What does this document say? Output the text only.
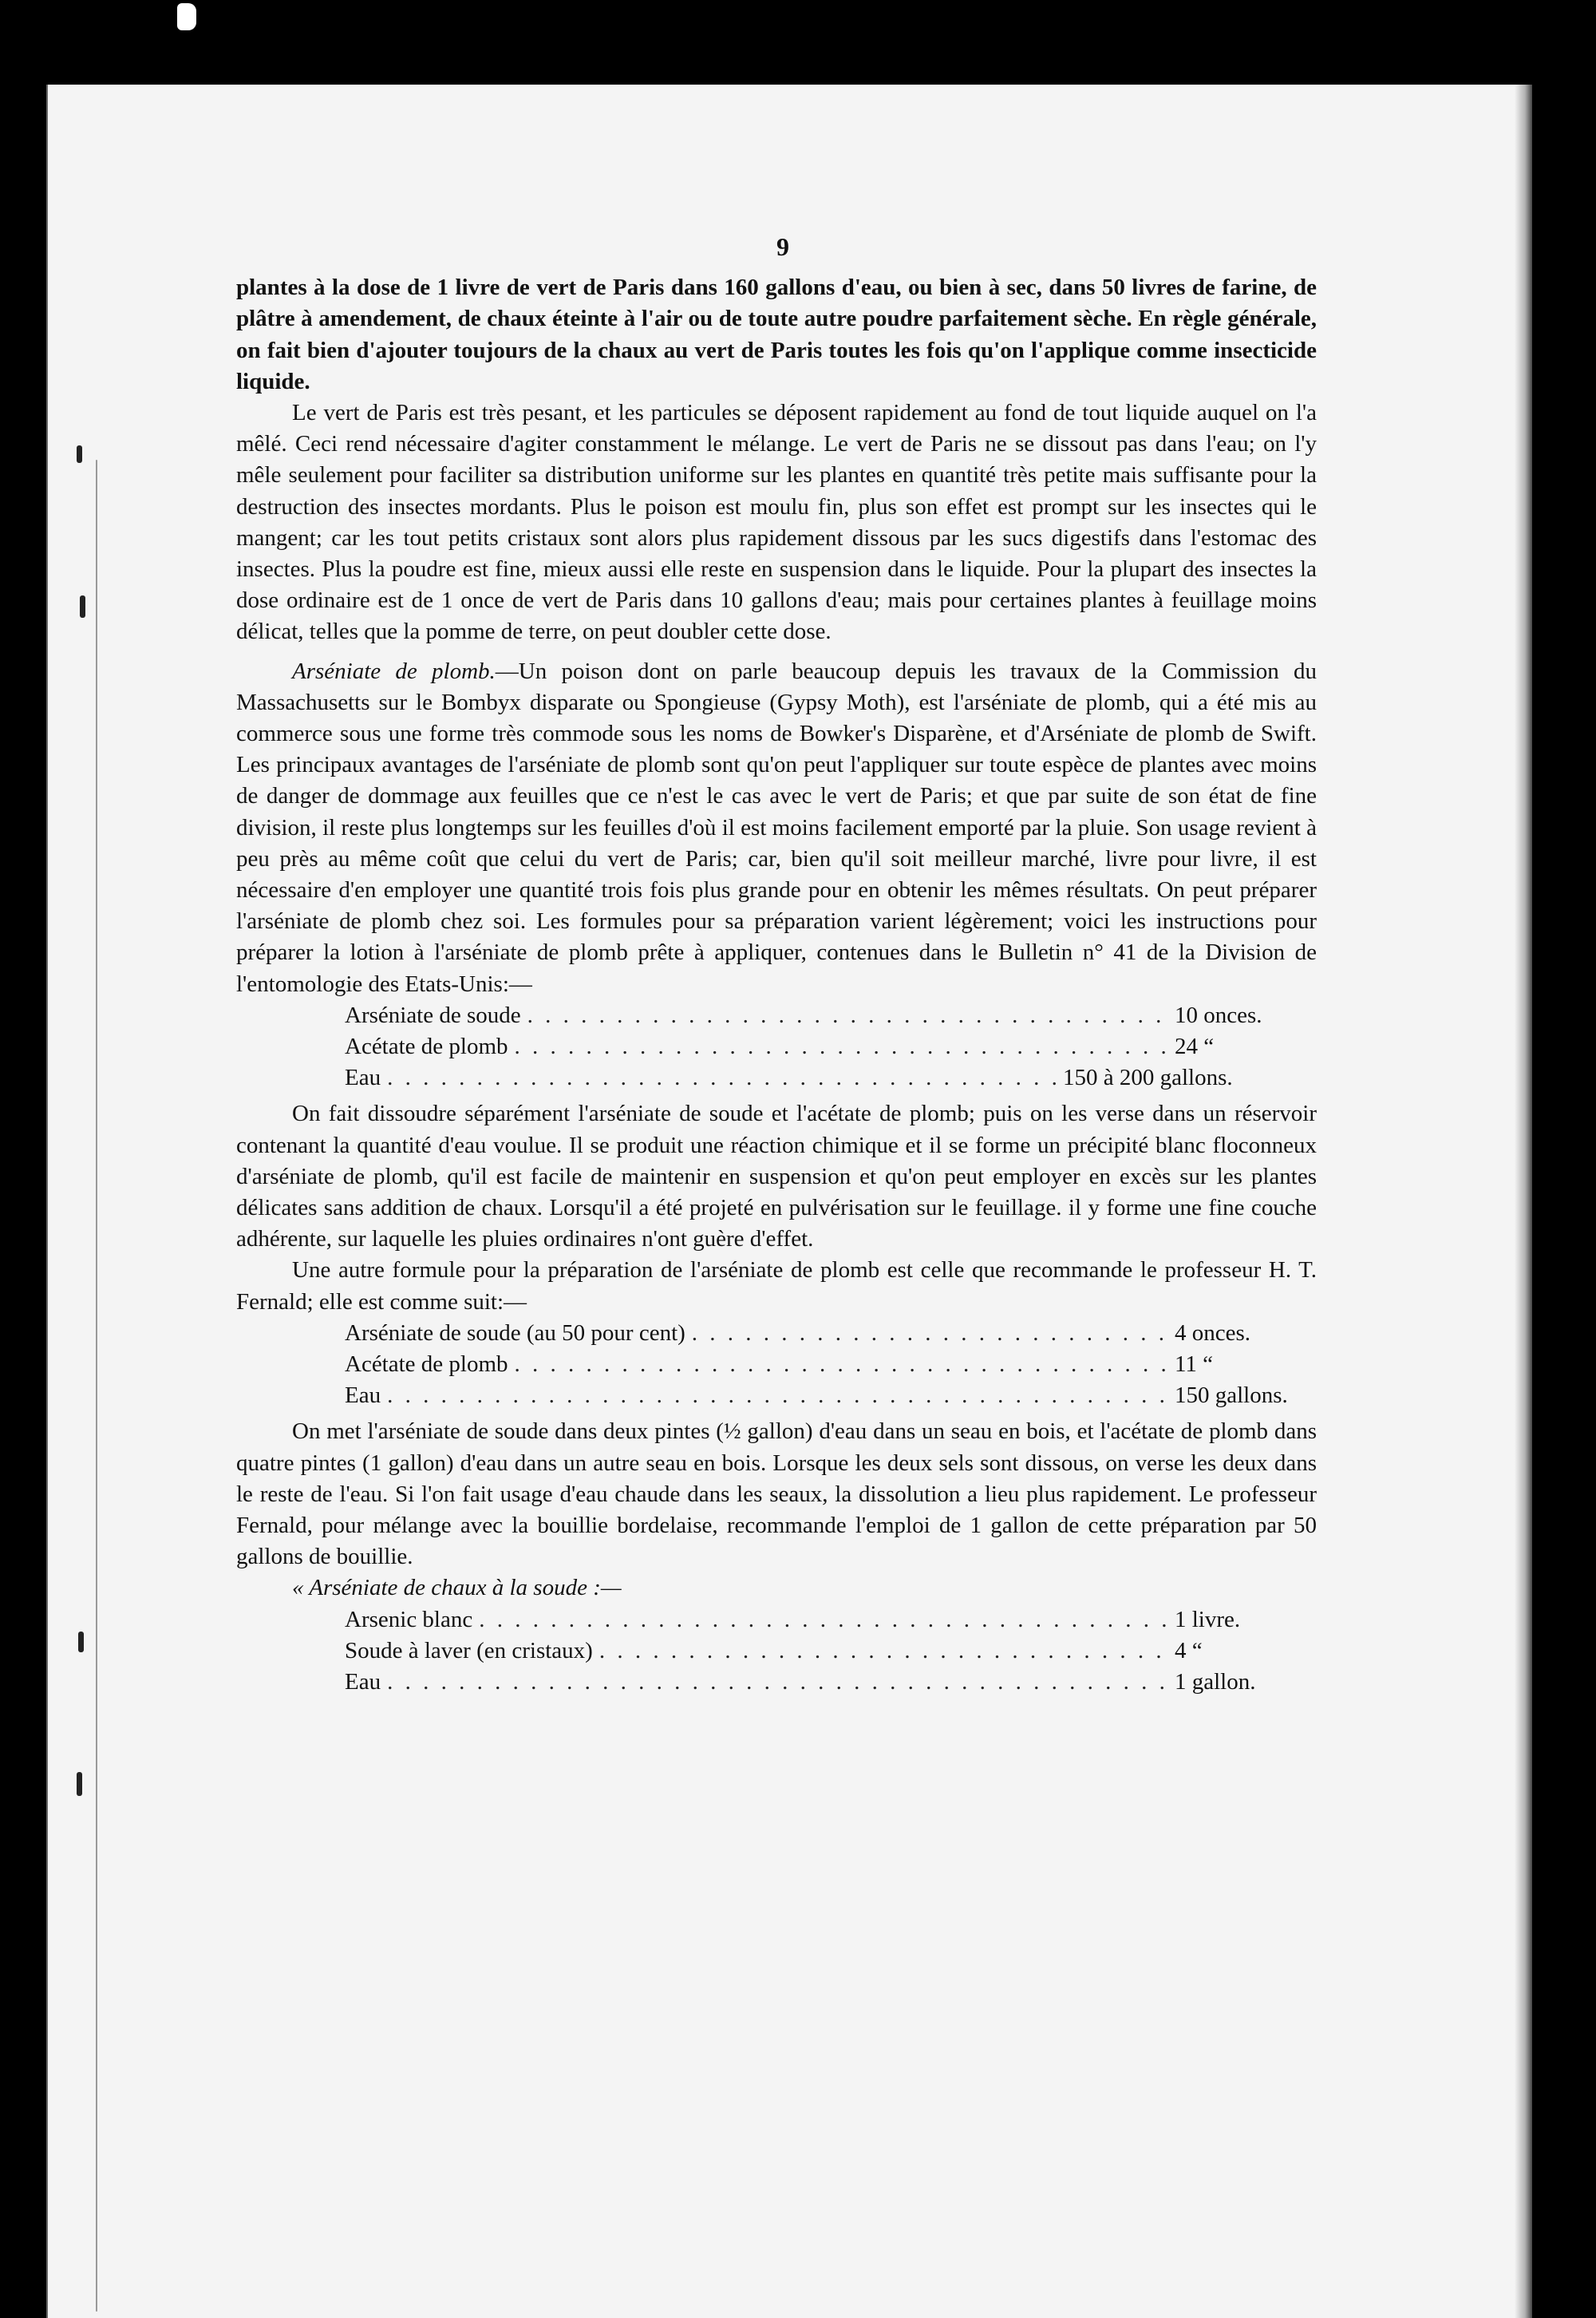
9

plantes à la dose de 1 livre de vert de Paris dans 160 gallons d'eau, ou bien à sec, dans 50 livres de farine, de plâtre à amendement, de chaux éteinte à l'air ou de toute autre poudre parfaitement sèche. En règle générale, on fait bien d'ajouter toujours de la chaux au vert de Paris toutes les fois qu'on l'applique comme insecticide liquide.

Le vert de Paris est très pesant, et les particules se déposent rapidement au fond de tout liquide auquel on l'a mêlé. Ceci rend nécessaire d'agiter constamment le mélange. Le vert de Paris ne se dissout pas dans l'eau; on l'y mêle seulement pour faciliter sa distribution uniforme sur les plantes en quantité très petite mais suffisante pour la destruction des insectes mordants. Plus le poison est moulu fin, plus son effet est prompt sur les insectes qui le mangent; car les tout petits cristaux sont alors plus rapidement dissous par les sucs digestifs dans l'estomac des insectes. Plus la poudre est fine, mieux aussi elle reste en suspension dans le liquide. Pour la plupart des insectes la dose ordinaire est de 1 once de vert de Paris dans 10 gallons d'eau; mais pour certaines plantes à feuillage moins délicat, telles que la pomme de terre, on peut doubler cette dose.

Arséniate de plomb.—Un poison dont on parle beaucoup depuis les travaux de la Commission du Massachusetts sur le Bombyx disparate ou Spongieuse (Gypsy Moth), est l'arséniate de plomb, qui a été mis au commerce sous une forme très commode sous les noms de Bowker's Disparène, et d'Arséniate de plomb de Swift. Les principaux avantages de l'arséniate de plomb sont qu'on peut l'appliquer sur toute espèce de plantes avec moins de danger de dommage aux feuilles que ce n'est le cas avec le vert de Paris; et que par suite de son état de fine division, il reste plus longtemps sur les feuilles d'où il est moins facilement emporté par la pluie. Son usage revient à peu près au même coût que celui du vert de Paris; car, bien qu'il soit meilleur marché, livre pour livre, il est nécessaire d'en employer une quantité trois fois plus grande pour en obtenir les mêmes résultats. On peut préparer l'arséniate de plomb chez soi. Les formules pour sa préparation varient légèrement; voici les instructions pour préparer la lotion à l'arséniate de plomb prête à appliquer, contenues dans le Bulletin n° 41 de la Division de l'entomologie des Etats-Unis:—

Arséniate de soude . . .	10 onces.
Acétate de plomb . . .	24 “
Eau . . .	150 à 200 gallons.

On fait dissoudre séparément l'arséniate de soude et l'acétate de plomb; puis on les verse dans un réservoir contenant la quantité d'eau voulue. Il se produit une réaction chimique et il se forme un précipité blanc floconneux d'arséniate de plomb, qu'il est facile de maintenir en suspension et qu'on peut employer en excès sur les plantes délicates sans addition de chaux. Lorsqu'il a été projeté en pulvérisation sur le feuillage. il y forme une fine couche adhérente, sur laquelle les pluies ordinaires n'ont guère d'effet.

Une autre formule pour la préparation de l'arséniate de plomb est celle que recommande le professeur H. T. Fernald; elle est comme suit:—

Arséniate de soude (au 50 pour cent) . . .	4 onces.
Acétate de plomb . . .	11 “
Eau . . .	150 gallons.

On met l'arséniate de soude dans deux pintes (½ gallon) d'eau dans un seau en bois, et l'acétate de plomb dans quatre pintes (1 gallon) d'eau dans un autre seau en bois. Lorsque les deux sels sont dissous, on verse les deux dans le reste de l'eau. Si l'on fait usage d'eau chaude dans les seaux, la dissolution a lieu plus rapidement. Le professeur Fernald, pour mélange avec la bouillie bordelaise, recommande l'emploi de 1 gallon de cette préparation par 50 gallons de bouillie.

« Arséniate de chaux à la soude :—

Arsenic blanc . . .	1 livre.
Soude à laver (en cristaux) . . .	4 “
Eau . . .	1 gallon.
